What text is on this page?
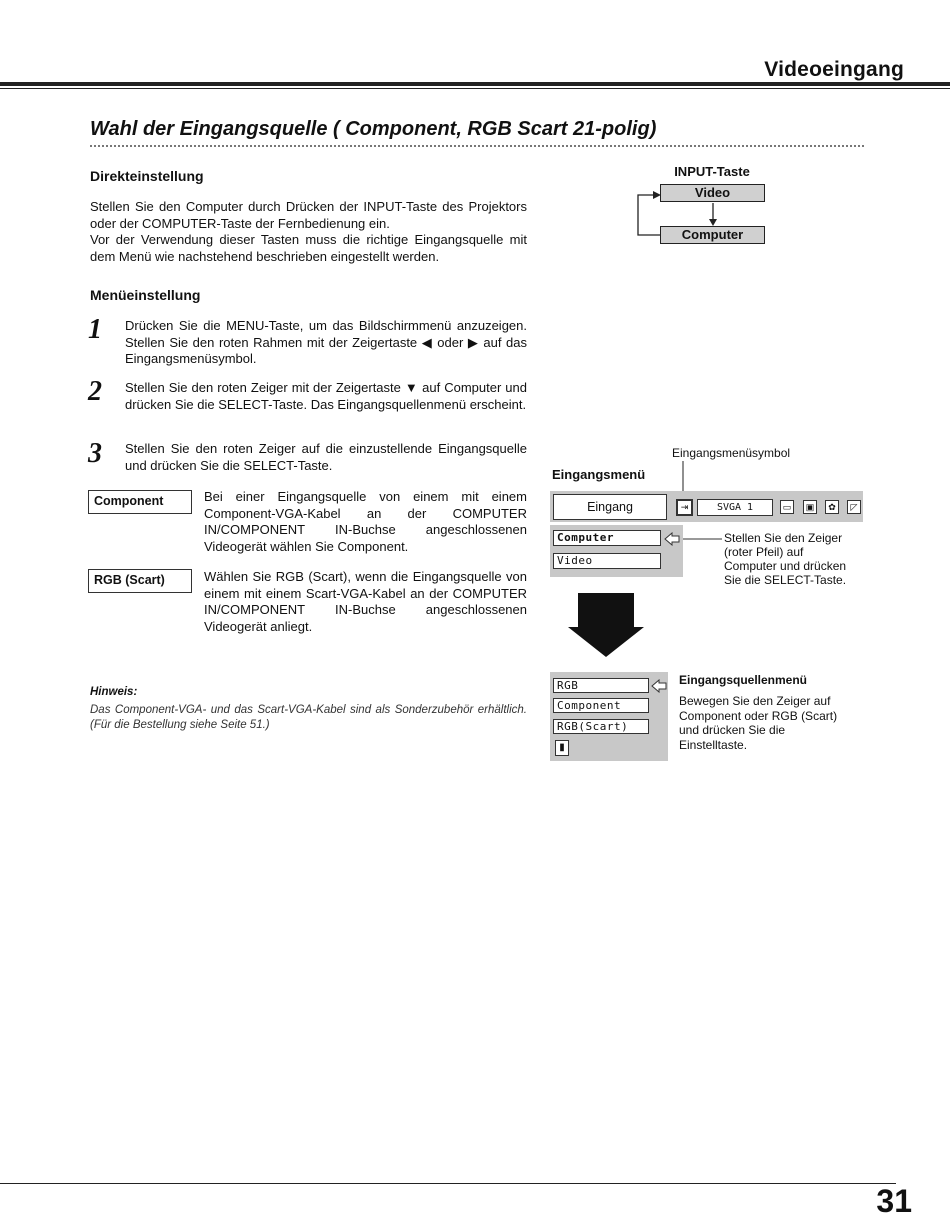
Videoeingang
Wahl der Eingangsquelle ( Component, RGB Scart 21-polig)
Direkteinstellung

Stellen Sie den Computer durch Drücken der INPUT-Taste des Projektors oder der COMPUTER-Taste der Fernbedienung ein.

Vor der Verwendung dieser Tasten muss die richtige Eingangsquelle mit dem Menü wie nachstehend beschrieben eingestellt werden.

Menüeinstellung
1 Drücken Sie die MENU-Taste, um das Bildschirmmenü anzuzeigen. Stellen Sie den roten Rahmen mit der Zeigertaste ◀ oder ▶ auf das Eingangsmenüsymbol.
2 Stellen Sie den roten Zeiger mit der Zeigertaste ▼ auf Computer und drücken Sie die SELECT-Taste. Das Eingangsquellenmenü erscheint.
3 Stellen Sie den roten Zeiger auf die einzustellende Eingangsquelle und drücken Sie die SELECT-Taste.
Component	Bei einer Eingangsquelle von einem mit einem Component-VGA-Kabel an der COMPUTER IN/COMPONENT IN-Buchse angeschlossenen Videogerät wählen Sie Component.
RGB (Scart)	Wählen Sie RGB (Scart), wenn die Eingangsquelle von einem mit einem Scart-VGA-Kabel an der COMPUTER IN/COMPONENT IN-Buchse angeschlossenen Videogerät anliegt.
Hinweis:
Das Component-VGA- und das Scart-VGA-Kabel sind als Sonderzubehör erhältlich. (Für die Bestellung siehe Seite 51.)
INPUT-Taste
Video
Computer
Eingangsmenüsymbol
Eingangsmenü
Eingang	⇥	SVGA 1	▭	▣	✿	◸
Computer
Video
Stellen Sie den Zeiger (roter Pfeil) auf Computer und drücken Sie die SELECT-Taste.
RGB
Component
RGB(Scart)
▮
Eingangsquellenmenü
Bewegen Sie den Zeiger auf Component oder RGB (Scart) und drücken Sie die Einstelltaste.
31
